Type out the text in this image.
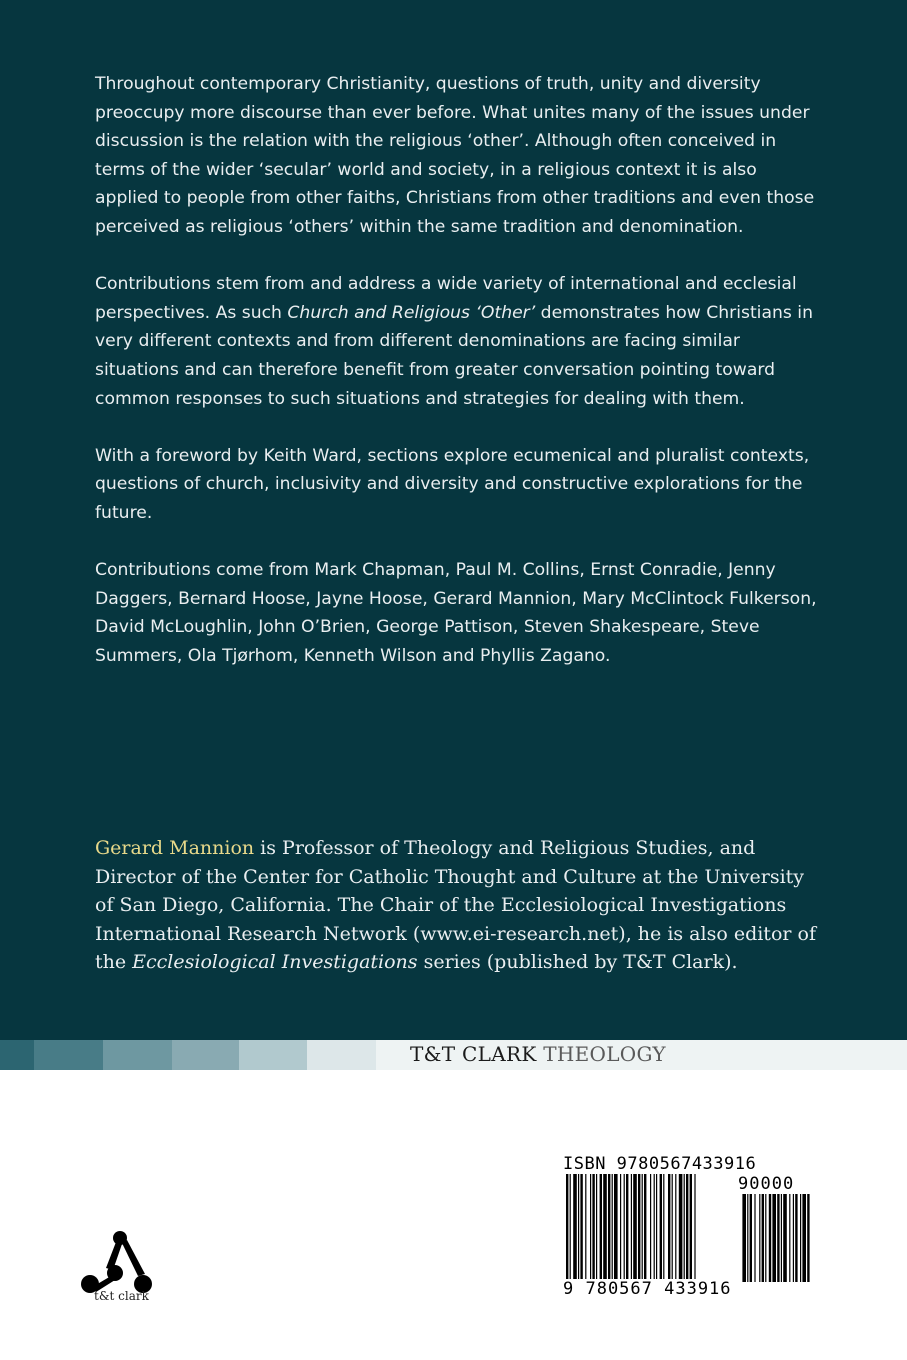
Throughout contemporary Christianity, questions of truth, unity and diversity preoccupy more discourse than ever before. What unites many of the issues under discussion is the relation with the religious ‘other’. Although often conceived in terms of the wider ‘secular’ world and society, in a religious context it is also applied to people from other faiths, Christians from other traditions and even those perceived as religious ‘others’ within the same tradition and denomination.

Contributions stem from and address a wide variety of international and ecclesial perspectives. As such Church and Religious ‘Other’ demonstrates how Christians in very different contexts and from different denominations are facing similar situations and can therefore benefit from greater conversation pointing toward common responses to such situations and strategies for dealing with them.

With a foreword by Keith Ward, sections explore ecumenical and pluralist contexts, questions of church, inclusivity and diversity and constructive explorations for the future.

Contributions come from Mark Chapman, Paul M. Collins, Ernst Conradie, Jenny Daggers, Bernard Hoose, Jayne Hoose, Gerard Mannion, Mary McClintock Fulkerson, David McLoughlin, John O’Brien, George Pattison, Steven Shakespeare, Steve Summers, Ola Tjørhom, Kenneth Wilson and Phyllis Zagano.

Gerard Mannion is Professor of Theology and Religious Studies, and Director of the Center for Catholic Thought and Culture at the University of San Diego, California. The Chair of the Ecclesiological Investigations International Research Network (www.ei-research.net), he is also editor of the Ecclesiological Investigations series (published by T&T Clark).

T&T CLARK THEOLOGY
t&t clark
ISBN 9780567433916
90000
9 780567 433916
